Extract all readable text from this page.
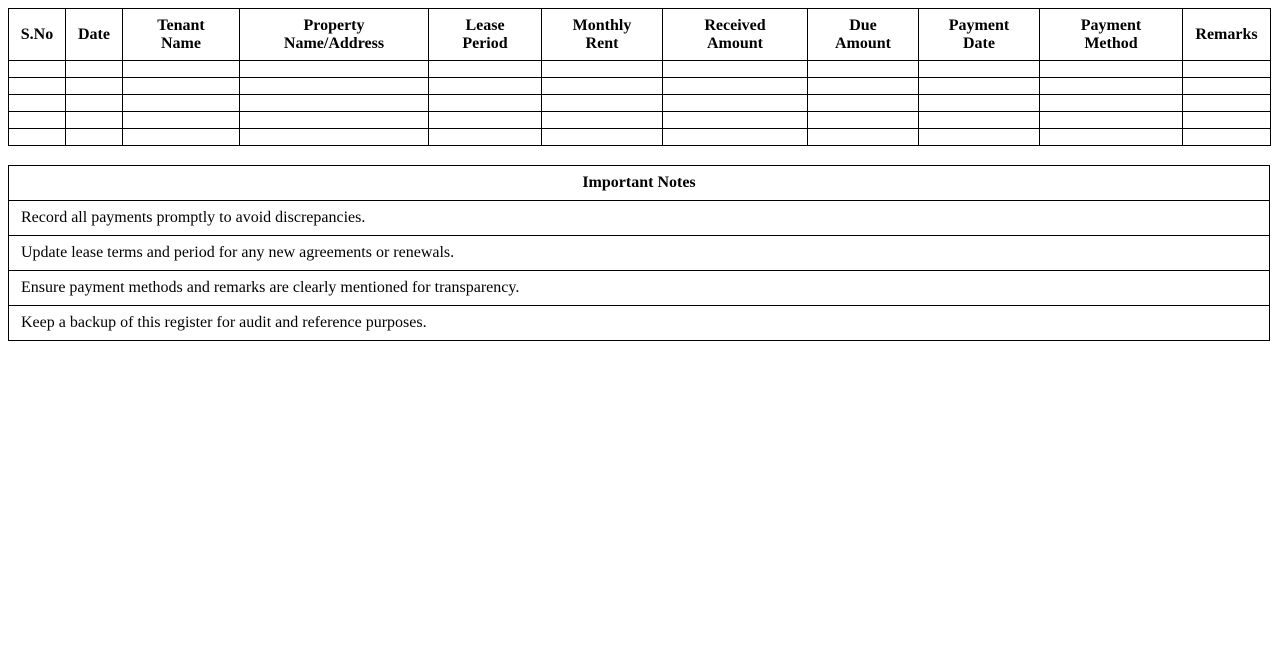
S.No	Date	Tenant Name	Property Name/Address	Lease Period	Monthly Rent	Received Amount	Due Amount	Payment Date	Payment Method	Remarks

Important Notes
Record all payments promptly to avoid discrepancies.
Update lease terms and period for any new agreements or renewals.
Ensure payment methods and remarks are clearly mentioned for transparency.
Keep a backup of this register for audit and reference purposes.
